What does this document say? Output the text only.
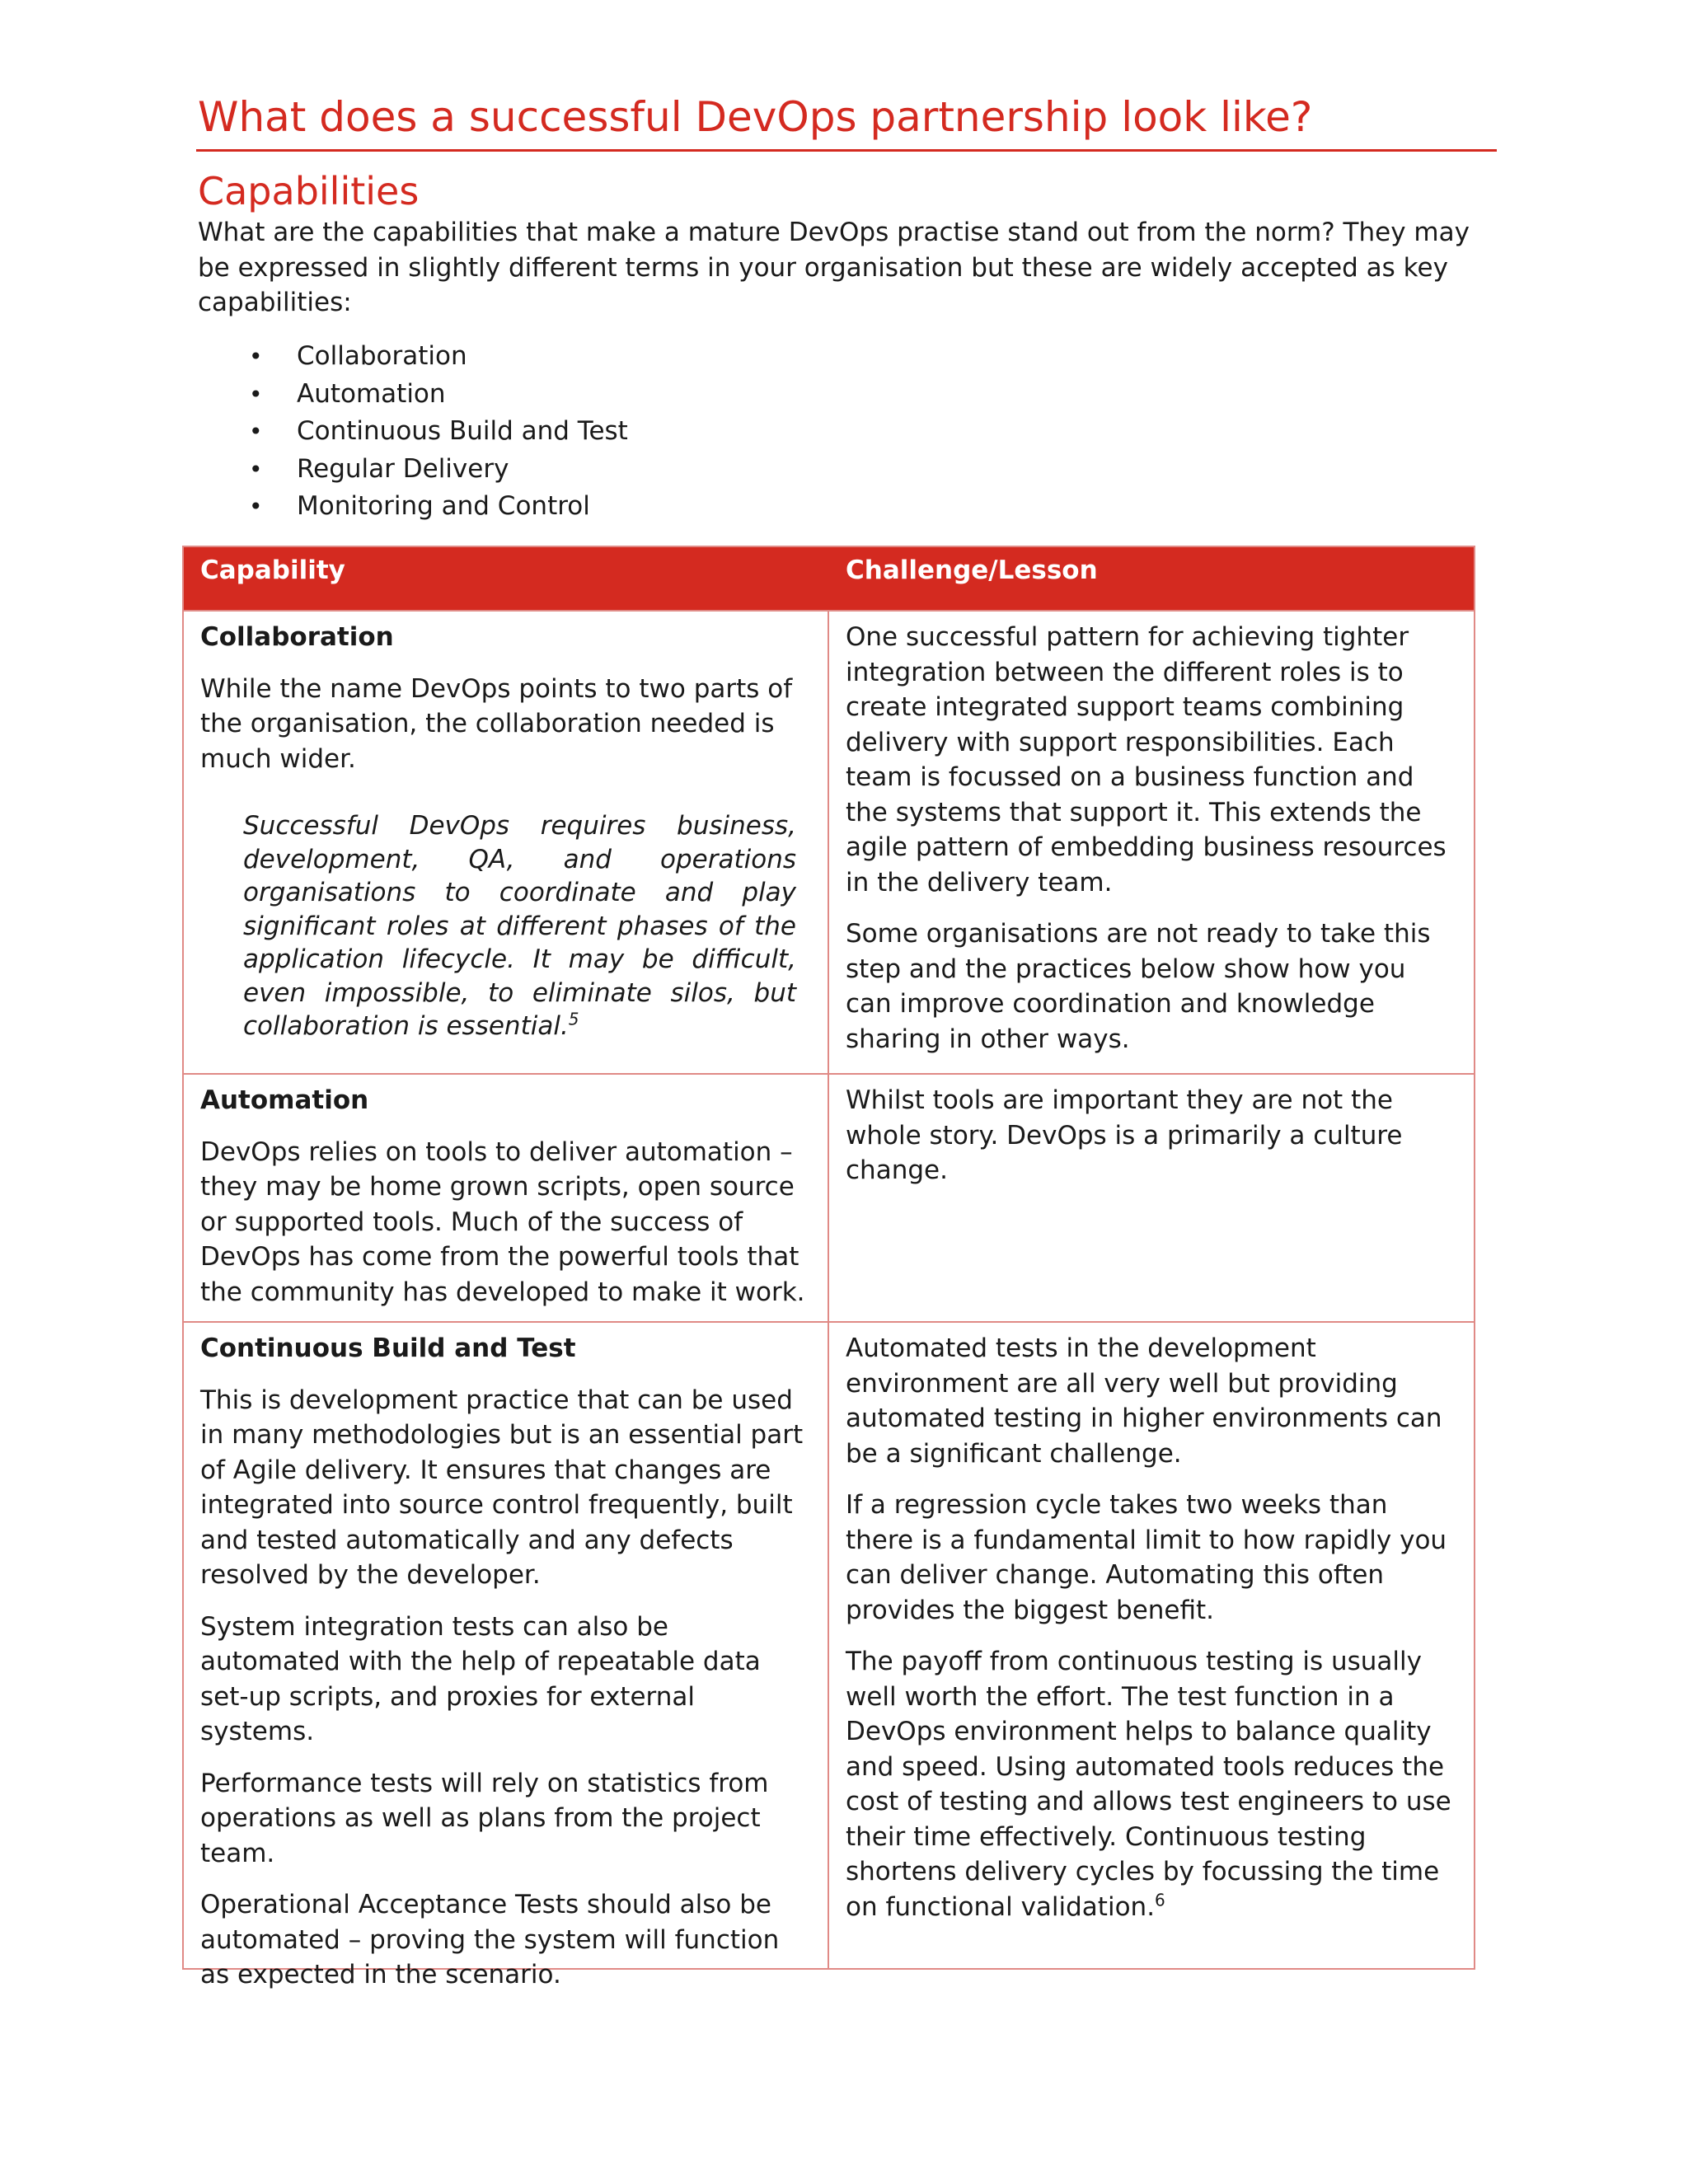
What does a successful DevOps partnership look like?
Capabilities

What are the capabilities that make a mature DevOps practise stand out from the norm? They may be expressed in slightly different terms in your organisation but these are widely accepted as key capabilities:

• Collaboration
• Automation
• Continuous Build and Test
• Regular Delivery
• Monitoring and Control
Capability	Challenge/Lesson

Collaboration

While the name DevOps points to two parts of the organisation, the collaboration needed is much wider.

Successful DevOps requires business, development, QA, and operations organisations to coordinate and play significant roles at different phases of the application lifecycle. It may be difficult, even impossible, to eliminate silos, but collaboration is essential.$^5$

One successful pattern for achieving tighter integration between the different roles is to create integrated support teams combining delivery with support responsibilities. Each team is focussed on a business function and the systems that support it. This extends the agile pattern of embedding business resources in the delivery team.

Some organisations are not ready to take this step and the practices below show how you can improve coordination and knowledge sharing in other ways.

Automation

DevOps relies on tools to deliver automation – they may be home grown scripts, open source or supported tools. Much of the success of DevOps has come from the powerful tools that the community has developed to make it work.

Whilst tools are important they are not the whole story. DevOps is a primarily a culture change.

Continuous Build and Test

This is development practice that can be used in many methodologies but is an essential part of Agile delivery. It ensures that changes are integrated into source control frequently, built and tested automatically and any defects resolved by the developer.

System integration tests can also be automated with the help of repeatable data set-up scripts, and proxies for external systems.

Performance tests will rely on statistics from operations as well as plans from the project team.

Operational Acceptance Tests should also be automated – proving the system will function as expected in the scenario.

Automated tests in the development environment are all very well but providing automated testing in higher environments can be a significant challenge.

If a regression cycle takes two weeks than there is a fundamental limit to how rapidly you can deliver change. Automating this often provides the biggest benefit.

The payoff from continuous testing is usually well worth the effort. The test function in a DevOps environment helps to balance quality and speed. Using automated tools reduces the cost of testing and allows test engineers to use their time effectively. Continuous testing shortens delivery cycles by focussing the time on functional validation.$^6$
